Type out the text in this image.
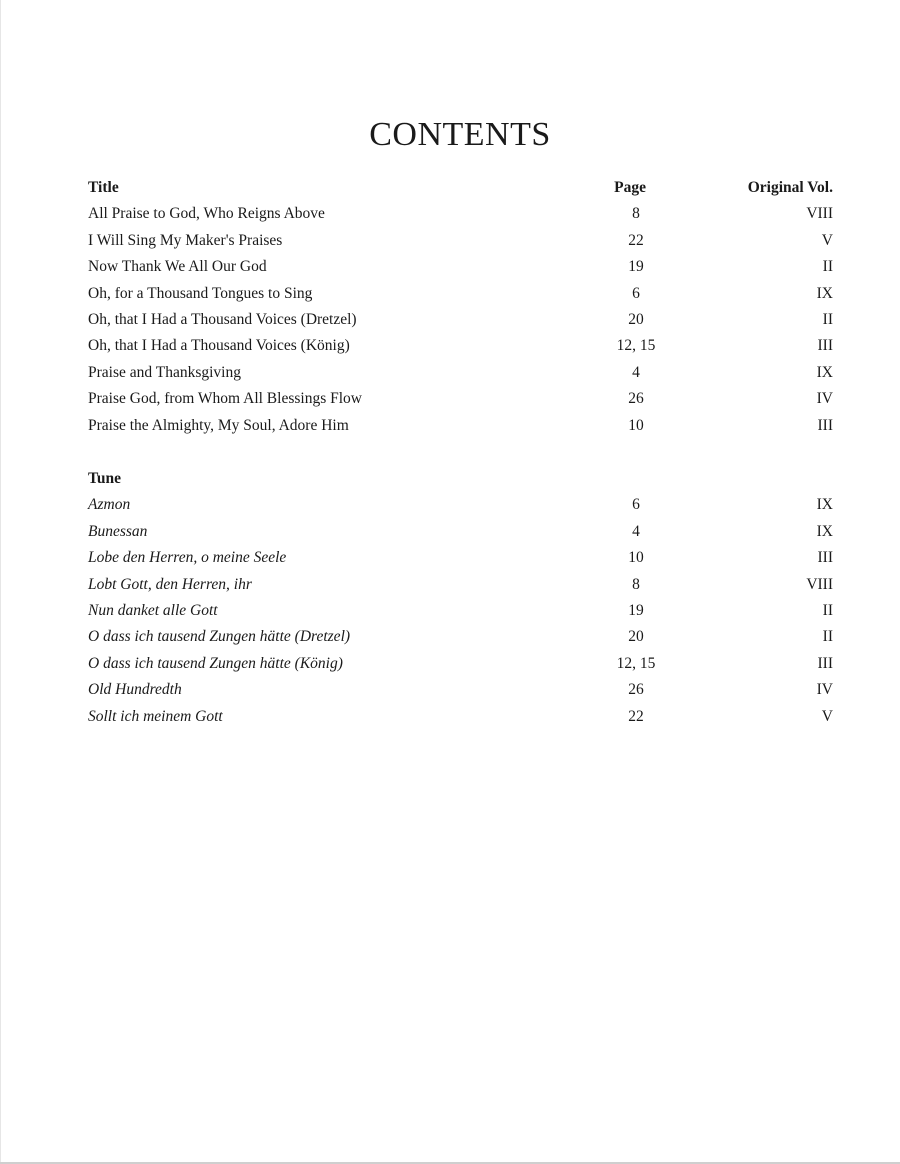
CONTENTS
Title	Page	Original Vol.
All Praise to God, Who Reigns Above	8	VIII
I Will Sing My Maker's Praises	22	V
Now Thank We All Our God	19	II
Oh, for a Thousand Tongues to Sing	6	IX
Oh, that I Had a Thousand Voices (Dretzel)	20	II
Oh, that I Had a Thousand Voices (König)	12, 15	III
Praise and Thanksgiving	4	IX
Praise God, from Whom All Blessings Flow	26	IV
Praise the Almighty, My Soul, Adore Him	10	III
Tune
Azmon	6	IX
Bunessan	4	IX
Lobe den Herren, o meine Seele	10	III
Lobt Gott, den Herren, ihr	8	VIII
Nun danket alle Gott	19	II
O dass ich tausend Zungen hätte (Dretzel)	20	II
O dass ich tausend Zungen hätte (König)	12, 15	III
Old Hundredth	26	IV
Sollt ich meinem Gott	22	V
